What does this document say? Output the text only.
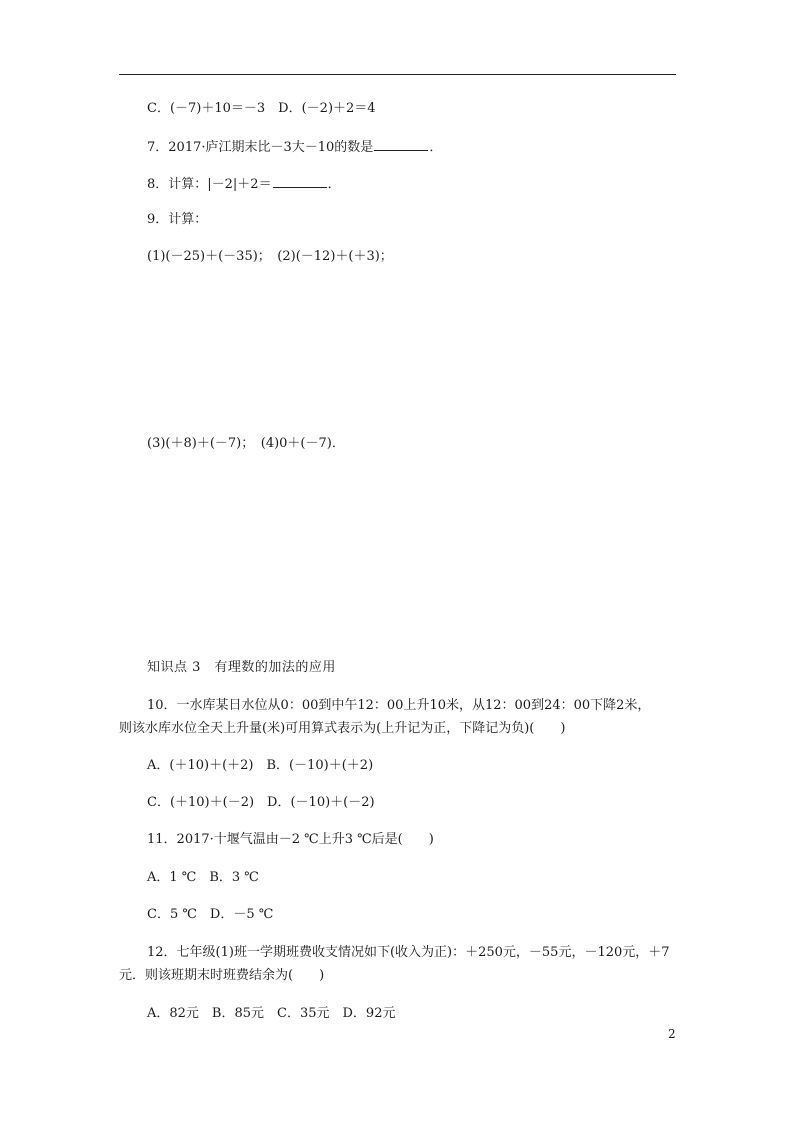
C．(－7)＋10＝－3　D．(－2)＋2＝4
7．2017·庐江期末比－3大－10的数是	．
8．计算：|－2|＋2＝	．
9．计算：
(1)(－25)＋(－35)；　(2)(－12)＋(＋3)；
(3)(＋8)＋(－7)；　(4)0＋(－7)．
知识点 3　有理数的加法的应用
10．一水库某日水位从0：00到中午12：00上升10米，从12：00到24：00下降2米，
则该水库水位全天上升量(米)可用算式表示为(上升记为正，下降记为负)( )
A．(＋10)＋(＋2)　B．(－10)＋(＋2)
C．(＋10)＋(－2)　D．(－10)＋(－2)
11．2017·十堰气温由－2 ℃上升3 ℃后是( )
A．1 ℃　B．3 ℃
C．5 ℃　D．－5 ℃
12．七年级(1)班一学期班费收支情况如下(收入为正)：＋250元，－55元，－120元，＋7
元．则该班期末时班费结余为( )
A．82元　B．85元　C．35元　D．92元
2
